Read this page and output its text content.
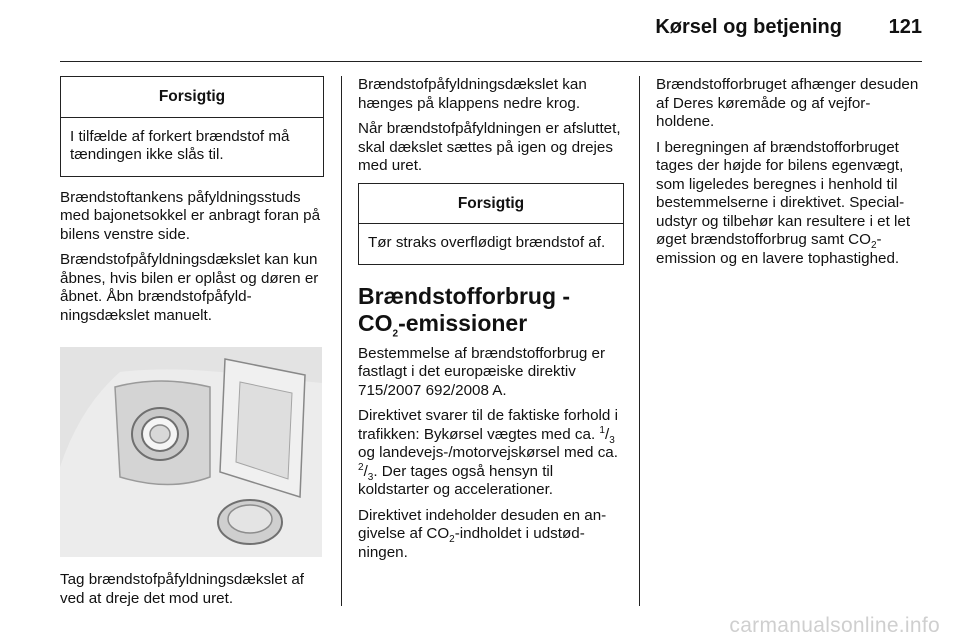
Kørsel og betjening 121
Forsigtig
I tilfælde af forkert brændstof må tændingen ikke slås til.

Brændstoftankens påfyldningsstuds med bajonetsokkel er anbragt foran på bilens venstre side.

Brændstofpåfyldningsdækslet kan kun åbnes, hvis bilen er oplåst og døren er åbnet. Åbn brændstofpåfyldningsdækslet manuelt.

Tag brændstofpåfyldningsdækslet af ved at dreje det mod uret.

Brændstofpåfyldningsdækslet kan hænges på klappens nedre krog.

Når brændstofpåfyldningen er afsluttet, skal dækslet sættes på igen og drejes med uret.

Forsigtig
Tør straks overflødigt brændstof af.
Brændstofforbrug -
$CO_2$-emissioner

Bestemmelse af brændstofforbrug er fastlagt i det europæiske direktiv 715/2007 692/2008 A.

Direktivet svarer til de faktiske forhold i trafikken: Bykørsel vægtes med ca. $^1/_3$ og landevejs-/motorvejskørsel med ca. $^2/_3$. Der tages også hensyn til koldstarter og accelerationer.

Direktivet indeholder desuden en angivelse af $CO_2$-indholdet i udstødningen.

Brændstofforbruget afhænger desuden af Deres køremåde og af vejforholdene.

I beregningen af brændstofforbruget tages der højde for bilens egenvægt, som ligeledes beregnes i henhold til bestemmelserne i direktivet. Specialudstyr og tilbehør kan resultere i et let øget brændstofforbrug samt $CO_2$-emission og en lavere tophastighed.

carmanualsonline.info
